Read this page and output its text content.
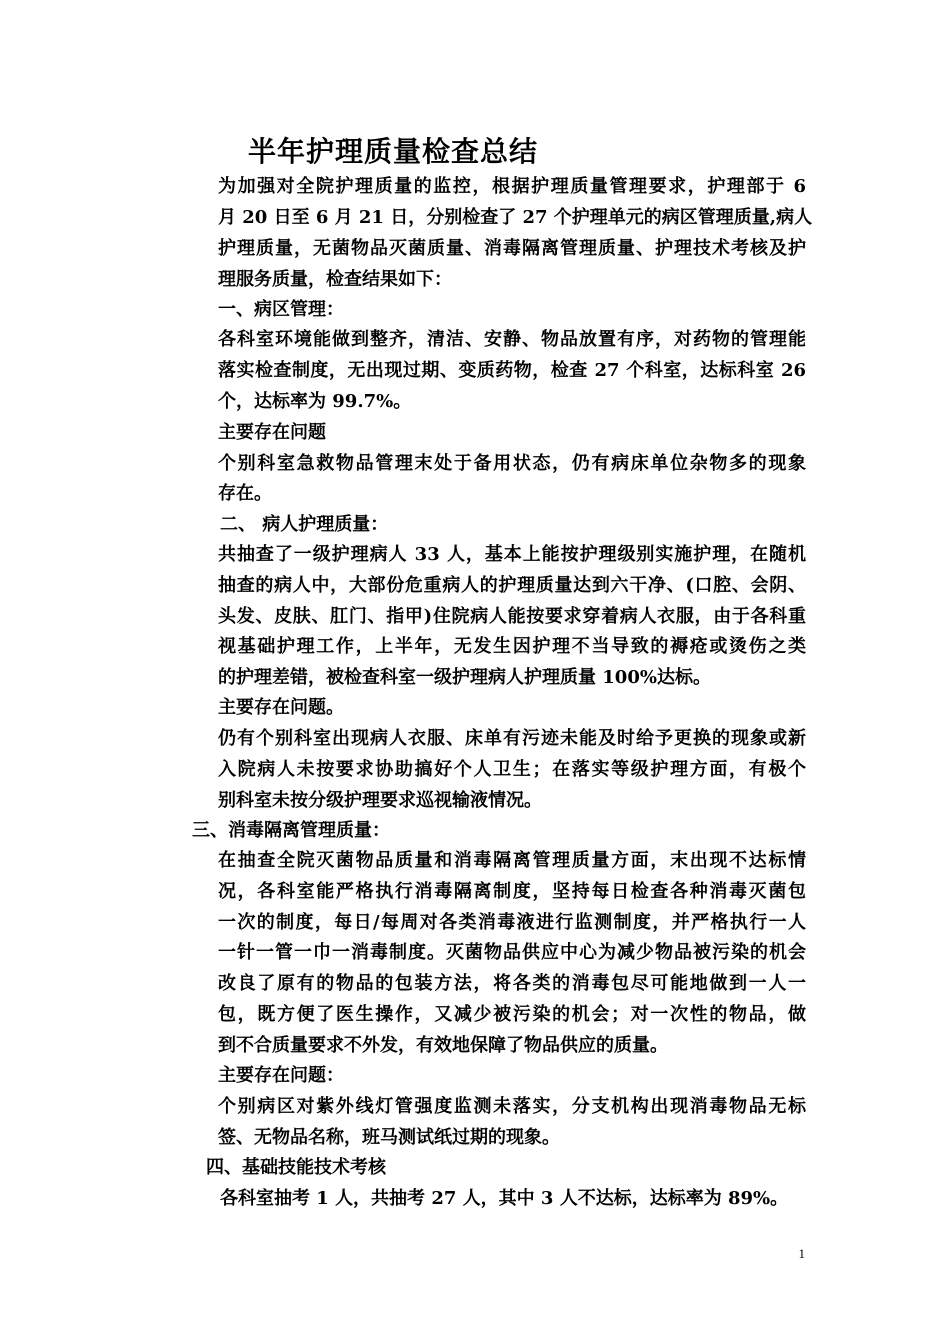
半年护理质量检查总结
为加强对全院护理质量的监控，根据护理质量管理要求，护理部于 6
月 20 日至 6 月 21 日，分别检查了 27 个护理单元的病区管理质量,病人
护理质量，无菌物品灭菌质量、消毒隔离管理质量、护理技术考核及护
理服务质量，检查结果如下：
一、病区管理：
各科室环境能做到整齐，清洁、安静、物品放置有序，对药物的管理能
落实检查制度，无出现过期、变质药物，检查 27 个科室，达标科室 26
个，达标率为 99.7%。
主要存在问题
个别科室急救物品管理末处于备用状态，仍有病床单位杂物多的现象
存在。
二、 病人护理质量：
共抽查了一级护理病人 33 人，基本上能按护理级别实施护理，在随机
抽查的病人中，大部份危重病人的护理质量达到六干净、(口腔、会阴、
头发、皮肤、肛门、指甲)住院病人能按要求穿着病人衣服，由于各科重
视基础护理工作，上半年，无发生因护理不当导致的褥疮或烫伤之类
的护理差错，被检查科室一级护理病人护理质量 100%达标。
主要存在问题。
仍有个别科室出现病人衣服、床单有污迹未能及时给予更换的现象或新
入院病人未按要求协助搞好个人卫生；在落实等级护理方面，有极个
别科室未按分级护理要求巡视输液情况。
三、消毒隔离管理质量：
在抽查全院灭菌物品质量和消毒隔离管理质量方面，末出现不达标情
况，各科室能严格执行消毒隔离制度，坚持每日检查各种消毒灭菌包
一次的制度，每日/每周对各类消毒液进行监测制度，并严格执行一人
一针一管一巾一消毒制度。灭菌物品供应中心为减少物品被污染的机会
改良了原有的物品的包装方法，将各类的消毒包尽可能地做到一人一
包，既方便了医生操作，又减少被污染的机会；对一次性的物品，做
到不合质量要求不外发，有效地保障了物品供应的质量。
主要存在问题：
个别病区对紫外线灯管强度监测未落实，分支机构出现消毒物品无标
签、无物品名称，班马测试纸过期的现象。
四、基础技能技术考核
各科室抽考 1 人，共抽考 27 人，其中 3 人不达标，达标率为 89%。
1
